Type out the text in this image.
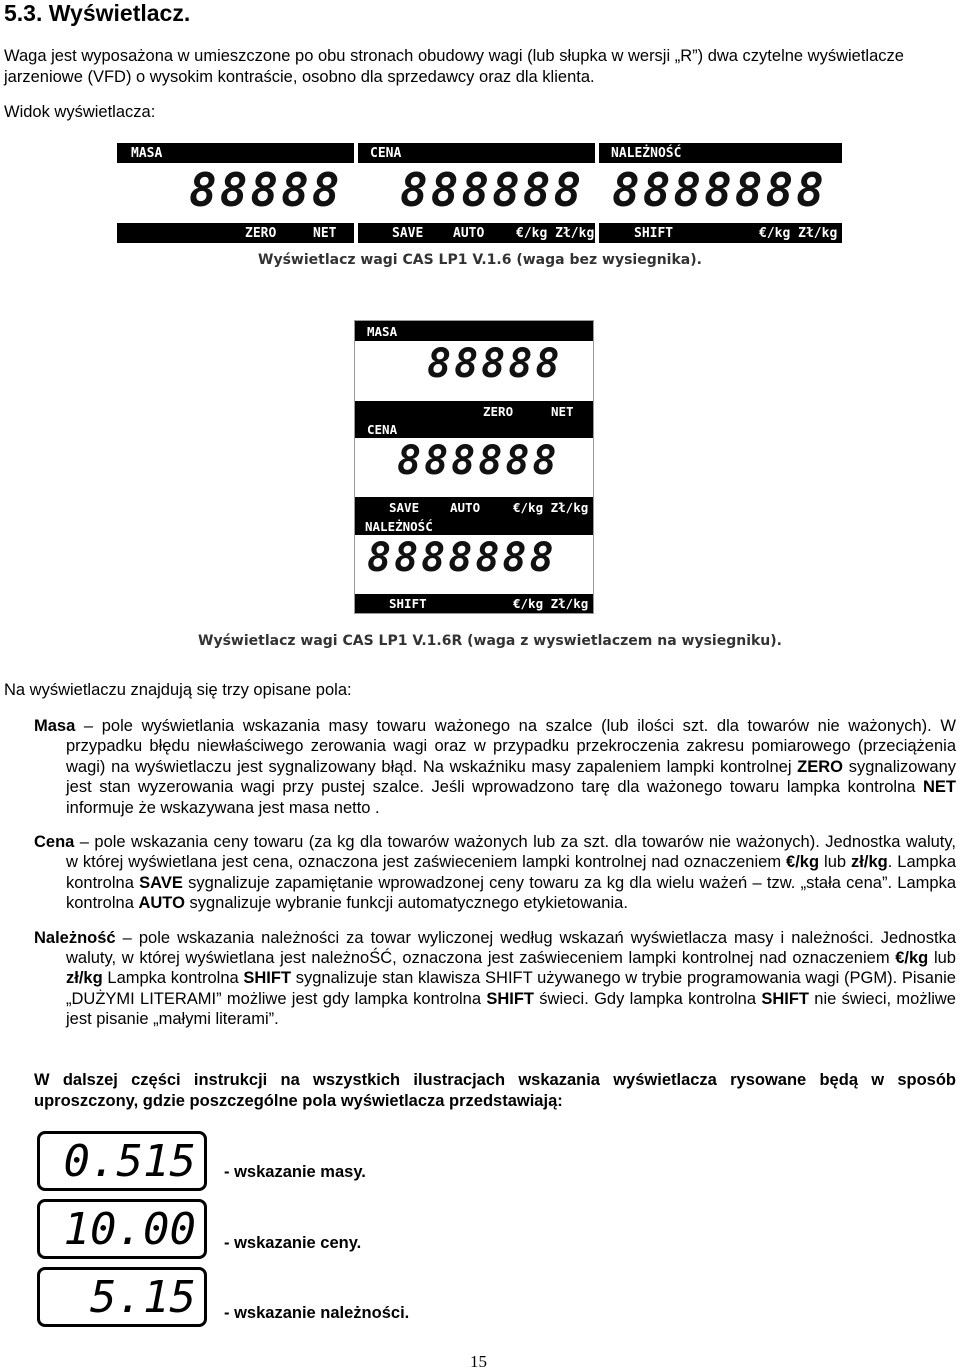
5.3. Wyświetlacz.
Waga jest wyposażona w umieszczone po obu stronach obudowy wagi (lub słupka w wersji „R”) dwa czytelne wyświetlacze jarzeniowe (VFD) o wysokim kontraście, osobno dla sprzedawcy oraz dla klienta.
Widok wyświetlacza:
MASA	CENA	NALEŻNOŚĆ
88888 888888 8888888
ZERO	NET	SAVE AUTO €/kg Zł/kg	SHIFT	€/kg Zł/kg
Wyświetlacz wagi CAS LP1 V.1.6 (waga bez wysiegnika).
MASA
88888
ZERO	NET
CENA
888888
SAVE AUTO	€/kg Zł/kg
NALEŻNOŚĆ
8888888
SHIFT	€/kg Zł/kg
Wyświetlacz wagi CAS LP1 V.1.6R (waga z wyswietlaczem na wysiegniku).
Na wyświetlaczu znajdują się trzy opisane pola:
Masa – pole wyświetlania wskazania masy towaru ważonego na szalce (lub ilości szt. dla towarów nie ważonych). W przypadku błędu niewłaściwego zerowania wagi oraz w przypadku przekroczenia zakresu pomiarowego (przeciążenia wagi) na wyświetlaczu jest sygnalizowany błąd. Na wskaźniku masy zapaleniem lampki kontrolnej ZERO sygnalizowany jest stan wyzerowania wagi przy pustej szalce. Jeśli wprowadzono tarę dla ważonego towaru lampka kontrolna NET informuje że wskazywana jest masa netto .
Cena – pole wskazania ceny towaru (za kg dla towarów ważonych lub za szt. dla towarów nie ważonych). Jednostka waluty, w której wyświetlana jest cena, oznaczona jest zaświeceniem lampki kontrolnej nad oznaczeniem €/kg lub zł/kg. Lampka kontrolna SAVE sygnalizuje zapamiętanie wprowadzonej ceny towaru za kg dla wielu ważeń – tzw. „stała cena”. Lampka kontrolna AUTO sygnalizuje wybranie funkcji automatycznego etykietowania.
Należność – pole wskazania należności za towar wyliczonej według wskazań wyświetlacza masy i należności. Jednostka waluty, w której wyświetlana jest należnoŚĆ, oznaczona jest zaświeceniem lampki kontrolnej nad oznaczeniem €/kg lub zł/kg Lampka kontrolna SHIFT sygnalizuje stan klawisza SHIFT używanego w trybie programowania wagi (PGM). Pisanie „DUŻYMI LITERAMI” możliwe jest gdy lampka kontrolna SHIFT świeci. Gdy lampka kontrolna SHIFT nie świeci, możliwe jest pisanie „małymi literami”.
W dalszej części instrukcji na wszystkich ilustracjach wskazania wyświetlacza rysowane będą w sposób uproszczony, gdzie poszczególne pola wyświetlacza przedstawiają:
0.515	- wskazanie masy.
10.00	- wskazanie ceny.
5.15	- wskazanie należności.
15
